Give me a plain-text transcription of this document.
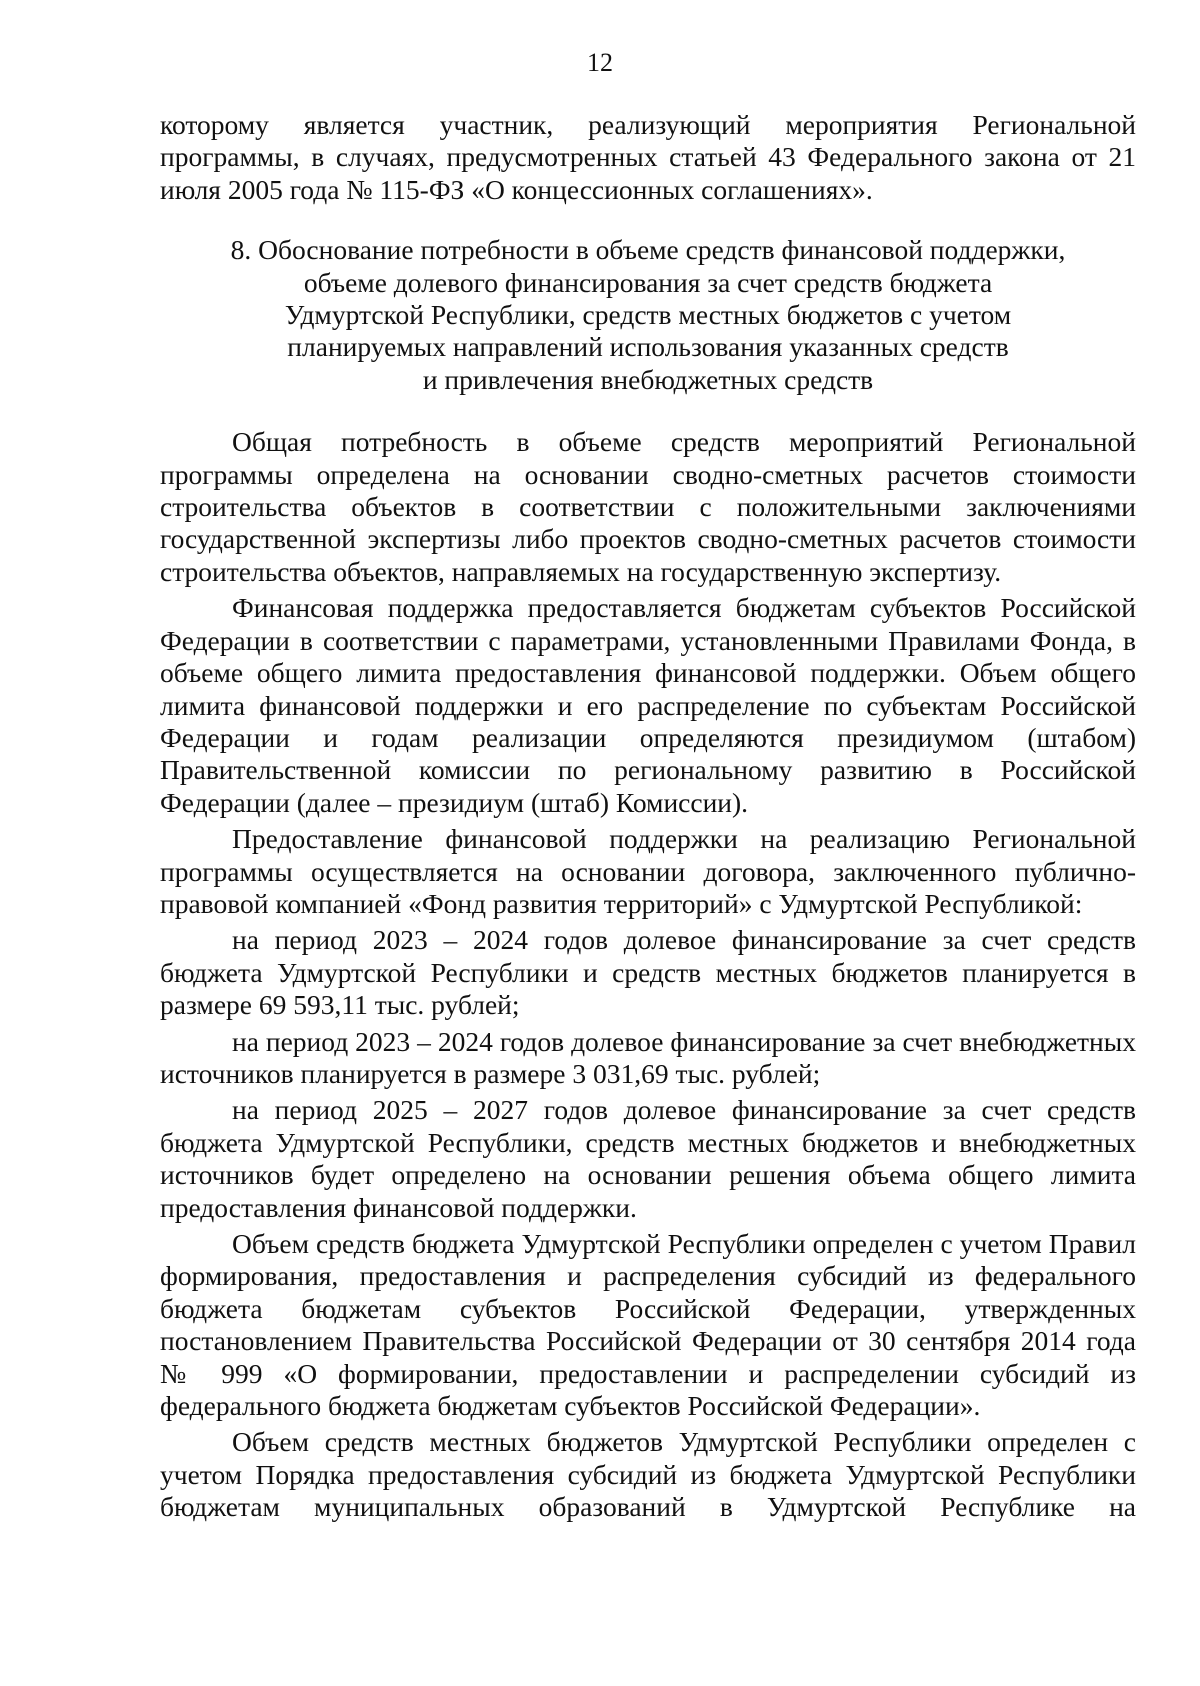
12

которому является участник, реализующий мероприятия Региональной программы, в случаях, предусмотренных статьей 43 Федерального закона от 21 июля 2005 года № 115-ФЗ «О концессионных соглашениях».

8. Обоснование потребности в объеме средств финансовой поддержки,
объеме долевого финансирования за счет средств бюджета
Удмуртской Республики, средств местных бюджетов с учетом
планируемых направлений использования указанных средств
и привлечения внебюджетных средств

Общая потребность в объеме средств мероприятий Региональной программы определена на основании сводно-сметных расчетов стоимости строительства объектов в соответствии с положительными заключениями государственной экспертизы либо проектов сводно-сметных расчетов стоимости строительства объектов, направляемых на государственную экспертизу.

Финансовая поддержка предоставляется бюджетам субъектов Российской Федерации в соответствии с параметрами, установленными Правилами Фонда, в объеме общего лимита предоставления финансовой поддержки. Объем общего лимита финансовой поддержки и его распределение по субъектам Российской Федерации и годам реализации определяются президиумом (штабом) Правительственной комиссии по региональному развитию в Российской Федерации (далее – президиум (штаб) Комиссии).

Предоставление финансовой поддержки на реализацию Региональной программы осуществляется на основании договора, заключенного публично-правовой компанией «Фонд развития территорий» с Удмуртской Республикой:

на период 2023 – 2024 годов долевое финансирование за счет средств бюджета Удмуртской Республики и средств местных бюджетов планируется в размере 69 593,11 тыс. рублей;

на период 2023 – 2024 годов долевое финансирование за счет внебюджетных источников планируется в размере 3 031,69 тыс. рублей;

на период 2025 – 2027 годов долевое финансирование за счет средств бюджета Удмуртской Республики, средств местных бюджетов и внебюджетных источников будет определено на основании решения объема общего лимита предоставления финансовой поддержки.

Объем средств бюджета Удмуртской Республики определен с учетом Правил формирования, предоставления и распределения субсидий из федерального бюджета бюджетам субъектов Российской Федерации, утвержденных постановлением Правительства Российской Федерации от 30 сентября 2014 года № 999 «О формировании, предоставлении и распределении субсидий из федерального бюджета бюджетам субъектов Российской Федерации».

Объем средств местных бюджетов Удмуртской Республики определен с учетом Порядка предоставления субсидий из бюджета Удмуртской Республики бюджетам муниципальных образований в Удмуртской Республике на
